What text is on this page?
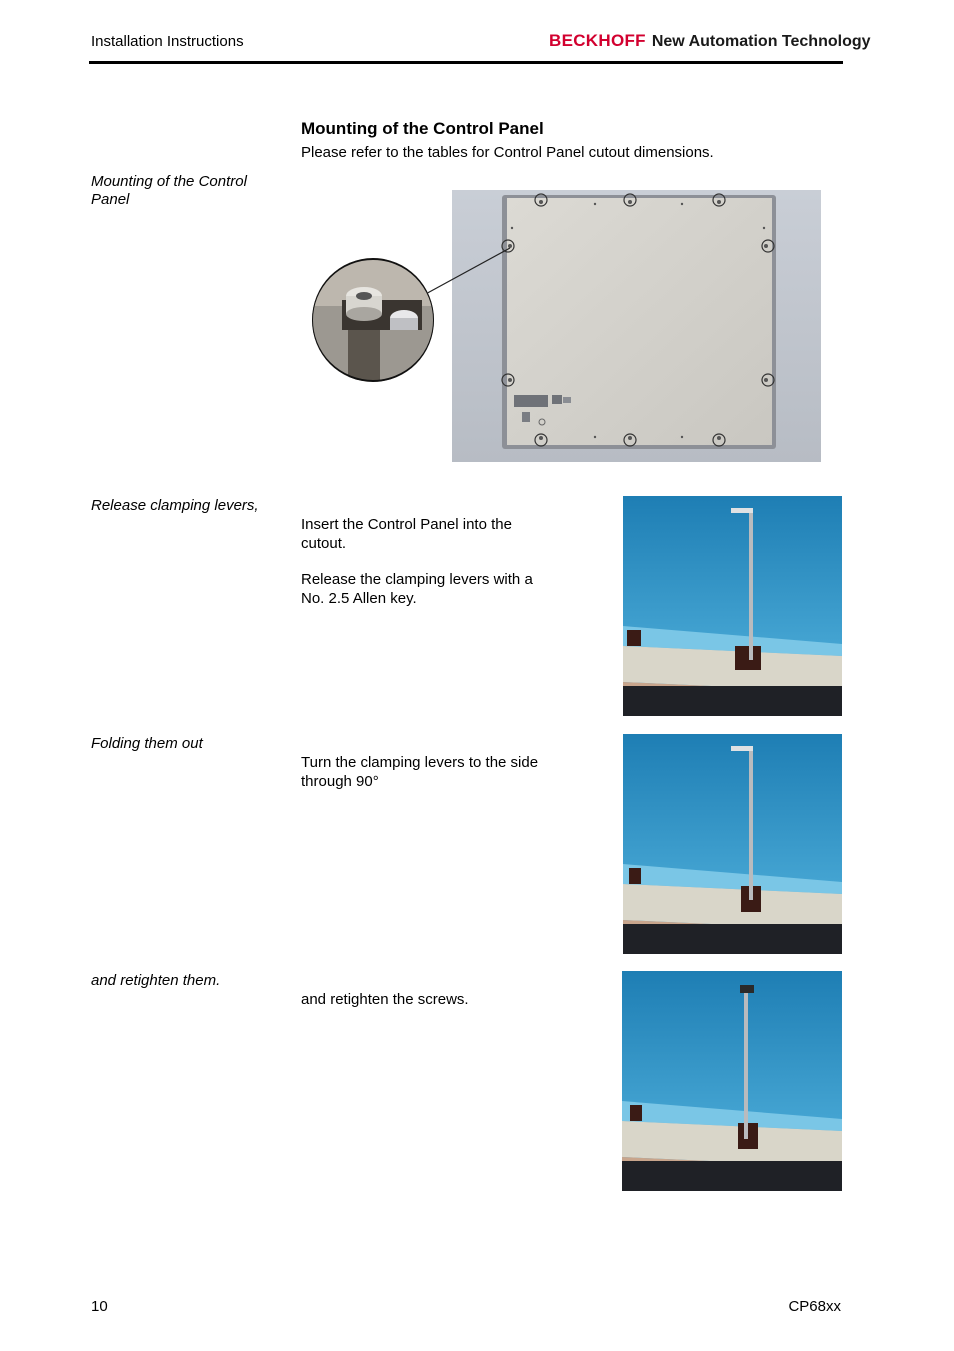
Installation Instructions	BECKHOFF New Automation Technology
Mounting of the Control Panel
Please refer to the tables for Control Panel cutout dimensions.
Mounting of the Control Panel
Release clamping levers,

Insert the Control Panel into the cutout.

Release the clamping levers with a No. 2.5 Allen key.

Folding them out

Turn the clamping levers to the side through 90°

and retighten them.

and retighten the screws.

10	CP68xx
